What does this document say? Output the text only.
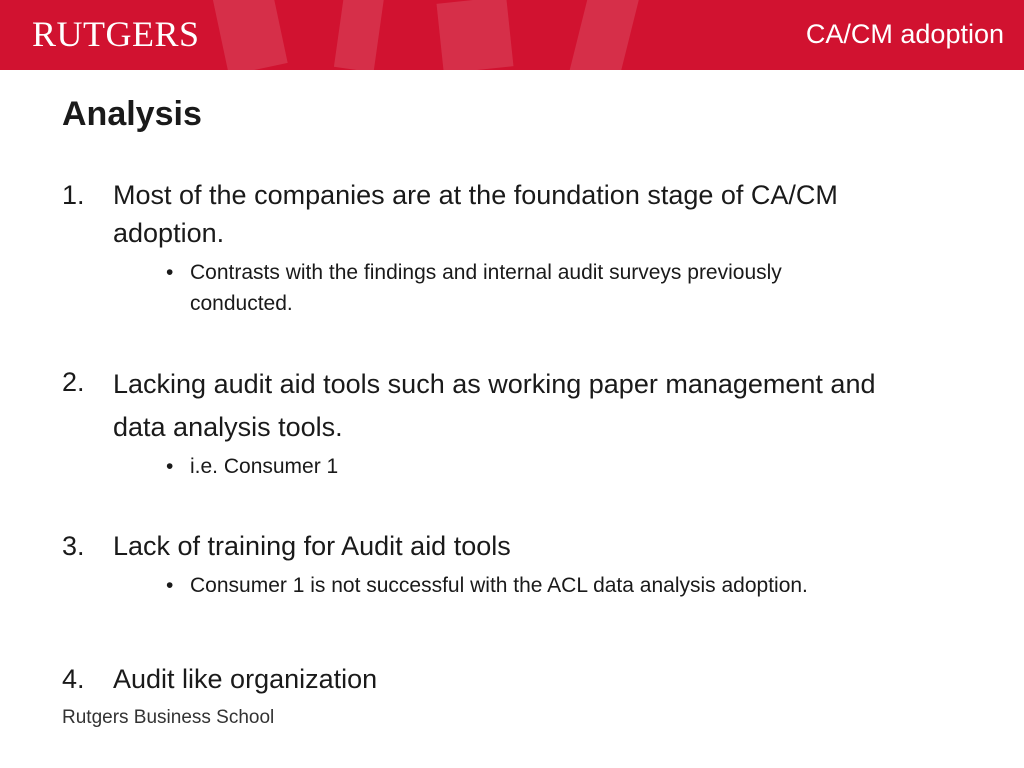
RUTGERS	CA/CM adoption
Analysis
1. Most of the companies are at the foundation stage of CA/CM adoption.
• Contrasts with the findings and internal audit surveys previously conducted.
2. Lacking audit aid tools such as working paper management and data analysis tools.
• i.e. Consumer 1
3. Lack of training for Audit aid tools
• Consumer 1 is not successful with the ACL data analysis adoption.
4. Audit like organization
Rutgers Business School
